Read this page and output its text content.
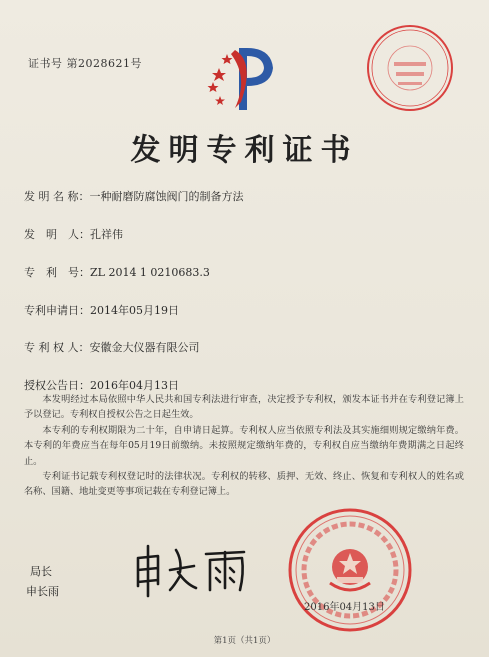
证书号 第2028621号
发明专利证书
发 明 名 称：一种耐磨防腐蚀阀门的制备方法
发　明　人：孔祥伟
专　利　号：ZL 2014 1 0210683.3
专利申请日：2014年05月19日
专 利 权 人：安徽金大仪器有限公司
授权公告日：2016年04月13日

本发明经过本局依照中华人民共和国专利法进行审查，决定授予专利权，颁发本证书并在专利登记簿上予以登记。专利权自授权公告之日起生效。

本专利的专利权期限为二十年，自申请日起算。专利权人应当依照专利法及其实施细则规定缴纳年费。本专利的年费应当在每年05月19日前缴纳。未按照规定缴纳年费的，专利权自应当缴纳年费期满之日起终止。

专利证书记载专利权登记时的法律状况。专利权的转移、质押、无效、终止、恢复和专利权人的姓名或名称、国籍、地址变更等事项记载在专利登记簿上。

局长
申长雨
2016年04月13日
第1页（共1页）
